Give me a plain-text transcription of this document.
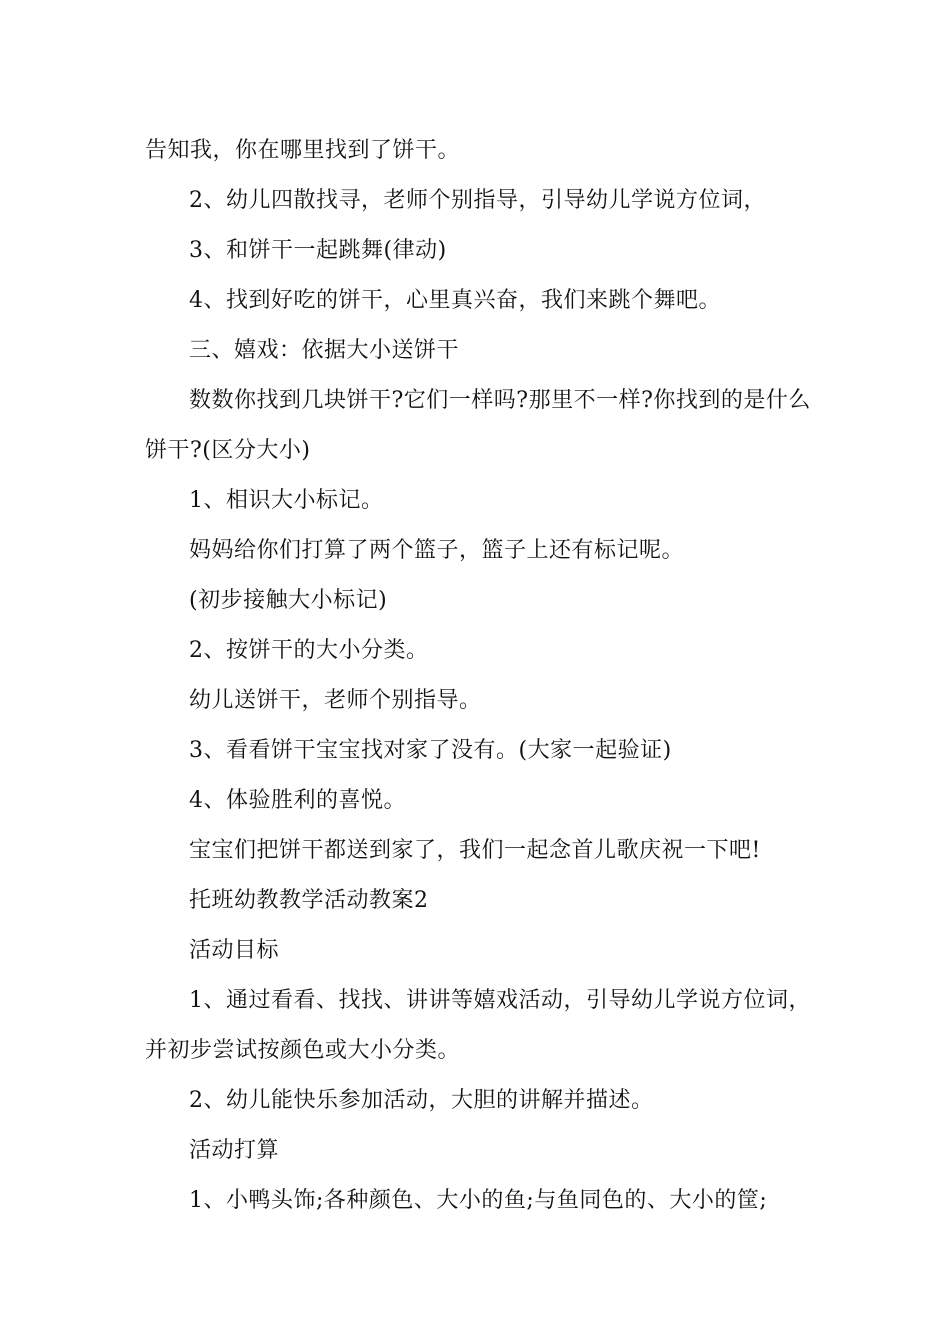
告知我，你在哪里找到了饼干。
2、幼儿四散找寻，老师个别指导，引导幼儿学说方位词，
3、和饼干一起跳舞(律动)
4、找到好吃的饼干，心里真兴奋，我们来跳个舞吧。
三、嬉戏：依据大小送饼干
数数你找到几块饼干?它们一样吗?那里不一样?你找到的是什么
饼干?(区分大小)
1、相识大小标记。
妈妈给你们打算了两个篮子，篮子上还有标记呢。
(初步接触大小标记)
2、按饼干的大小分类。
幼儿送饼干，老师个别指导。
3、看看饼干宝宝找对家了没有。(大家一起验证)
4、体验胜利的喜悦。
宝宝们把饼干都送到家了，我们一起念首儿歌庆祝一下吧!
托班幼教教学活动教案2
活动目标
1、通过看看、找找、讲讲等嬉戏活动，引导幼儿学说方位词，
并初步尝试按颜色或大小分类。
2、幼儿能快乐参加活动，大胆的讲解并描述。
活动打算
1、小鸭头饰;各种颜色、大小的鱼;与鱼同色的、大小的筐;
